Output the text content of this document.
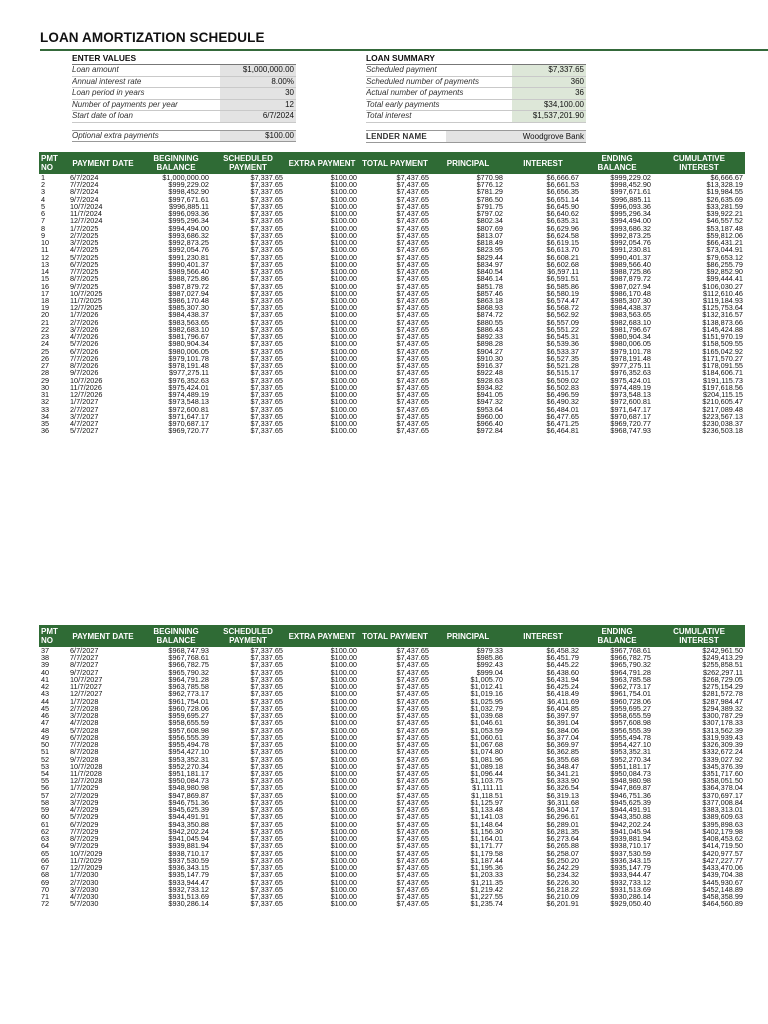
LOAN AMORTIZATION SCHEDULE
ENTER VALUES
Loan amount	$1,000,000.00
Annual interest rate	8.00%
Loan period in years	30
Number of payments per year	12
Start date of loan	6/7/2024
Optional extra payments	$100.00
LOAN SUMMARY
Scheduled payment	$7,337.65
Scheduled number of payments	360
Actual number of payments	36
Total early payments	$34,100.00
Total interest	$1,537,201.90
LENDER NAME	Woodgrove Bank
PMT NO	PAYMENT DATE	BEGINNING BALANCE	SCHEDULED PAYMENT	EXTRA PAYMENT	TOTAL PAYMENT	PRINCIPAL	INTEREST	ENDING BALANCE	CUMULATIVE INTEREST
1	6/7/2024	$1,000,000.00	$7,337.65	$100.00	$7,437.65	$770.98	$6,666.67	$999,229.02	$6,666.67
2	7/7/2024	$999,229.02	$7,337.65	$100.00	$7,437.65	$776.12	$6,661.53	$998,452.90	$13,328.19
3	8/7/2024	$998,452.90	$7,337.65	$100.00	$7,437.65	$781.29	$6,656.35	$997,671.61	$19,984.55
4	9/7/2024	$997,671.61	$7,337.65	$100.00	$7,437.65	$786.50	$6,651.14	$996,885.11	$26,635.69
5	10/7/2024	$996,885.11	$7,337.65	$100.00	$7,437.65	$791.75	$6,645.90	$996,093.36	$33,281.59
6	11/7/2024	$996,093.36	$7,337.65	$100.00	$7,437.65	$797.02	$6,640.62	$995,296.34	$39,922.21
7	12/7/2024	$995,296.34	$7,337.65	$100.00	$7,437.65	$802.34	$6,635.31	$994,494.00	$46,557.52
8	1/7/2025	$994,494.00	$7,337.65	$100.00	$7,437.65	$807.69	$6,629.96	$993,686.32	$53,187.48
9	2/7/2025	$993,686.32	$7,337.65	$100.00	$7,437.65	$813.07	$6,624.58	$992,873.25	$59,812.06
10	3/7/2025	$992,873.25	$7,337.65	$100.00	$7,437.65	$818.49	$6,619.15	$992,054.76	$66,431.21
11	4/7/2025	$992,054.76	$7,337.65	$100.00	$7,437.65	$823.95	$6,613.70	$991,230.81	$73,044.91
12	5/7/2025	$991,230.81	$7,337.65	$100.00	$7,437.65	$829.44	$6,608.21	$990,401.37	$79,653.12
13	6/7/2025	$990,401.37	$7,337.65	$100.00	$7,437.65	$834.97	$6,602.68	$989,566.40	$86,255.79
14	7/7/2025	$989,566.40	$7,337.65	$100.00	$7,437.65	$840.54	$6,597.11	$988,725.86	$92,852.90
15	8/7/2025	$988,725.86	$7,337.65	$100.00	$7,437.65	$846.14	$6,591.51	$987,879.72	$99,444.41
16	9/7/2025	$987,879.72	$7,337.65	$100.00	$7,437.65	$851.78	$6,585.86	$987,027.94	$106,030.27
17	10/7/2025	$987,027.94	$7,337.65	$100.00	$7,437.65	$857.46	$6,580.19	$986,170.48	$112,610.46
18	11/7/2025	$986,170.48	$7,337.65	$100.00	$7,437.65	$863.18	$6,574.47	$985,307.30	$119,184.93
19	12/7/2025	$985,307.30	$7,337.65	$100.00	$7,437.65	$868.93	$6,568.72	$984,438.37	$125,753.64
20	1/7/2026	$984,438.37	$7,337.65	$100.00	$7,437.65	$874.72	$6,562.92	$983,563.65	$132,316.57
21	2/7/2026	$983,563.65	$7,337.65	$100.00	$7,437.65	$880.55	$6,557.09	$982,683.10	$138,873.66
22	3/7/2026	$982,683.10	$7,337.65	$100.00	$7,437.65	$886.43	$6,551.22	$981,796.67	$145,424.88
23	4/7/2026	$981,796.67	$7,337.65	$100.00	$7,437.65	$892.33	$6,545.31	$980,904.34	$151,970.19
24	5/7/2026	$980,904.34	$7,337.65	$100.00	$7,437.65	$898.28	$6,539.36	$980,006.05	$158,509.55
25	6/7/2026	$980,006.05	$7,337.65	$100.00	$7,437.65	$904.27	$6,533.37	$979,101.78	$165,042.92
26	7/7/2026	$979,101.78	$7,337.65	$100.00	$7,437.65	$910.30	$6,527.35	$978,191.48	$171,570.27
27	8/7/2026	$978,191.48	$7,337.65	$100.00	$7,437.65	$916.37	$6,521.28	$977,275.11	$178,091.55
28	9/7/2026	$977,275.11	$7,337.65	$100.00	$7,437.65	$922.48	$6,515.17	$976,352.63	$184,606.71
29	10/7/2026	$976,352.63	$7,337.65	$100.00	$7,437.65	$928.63	$6,509.02	$975,424.01	$191,115.73
30	11/7/2026	$975,424.01	$7,337.65	$100.00	$7,437.65	$934.82	$6,502.83	$974,489.19	$197,618.56
31	12/7/2026	$974,489.19	$7,337.65	$100.00	$7,437.65	$941.05	$6,496.59	$973,548.13	$204,115.15
32	1/7/2027	$973,548.13	$7,337.65	$100.00	$7,437.65	$947.32	$6,490.32	$972,600.81	$210,605.47
33	2/7/2027	$972,600.81	$7,337.65	$100.00	$7,437.65	$953.64	$6,484.01	$971,647.17	$217,089.48
34	3/7/2027	$971,647.17	$7,337.65	$100.00	$7,437.65	$960.00	$6,477.65	$970,687.17	$223,567.13
35	4/7/2027	$970,687.17	$7,337.65	$100.00	$7,437.65	$966.40	$6,471.25	$969,720.77	$230,038.37
36	5/7/2027	$969,720.77	$7,337.65	$100.00	$7,437.65	$972.84	$6,464.81	$968,747.93	$236,503.18
PMT NO	PAYMENT DATE	BEGINNING BALANCE	SCHEDULED PAYMENT	EXTRA PAYMENT	TOTAL PAYMENT	PRINCIPAL	INTEREST	ENDING BALANCE	CUMULATIVE INTEREST
37	6/7/2027	$968,747.93	$7,337.65	$100.00	$7,437.65	$979.33	$6,458.32	$967,768.61	$242,961.50
38	7/7/2027	$967,768.61	$7,337.65	$100.00	$7,437.65	$985.86	$6,451.79	$966,782.75	$249,413.29
39	8/7/2027	$966,782.75	$7,337.65	$100.00	$7,437.65	$992.43	$6,445.22	$965,790.32	$255,858.51
40	9/7/2027	$965,790.32	$7,337.65	$100.00	$7,437.65	$999.04	$6,438.60	$964,791.28	$262,297.11
41	10/7/2027	$964,791.28	$7,337.65	$100.00	$7,437.65	$1,005.70	$6,431.94	$963,785.58	$268,729.05
42	11/7/2027	$963,785.58	$7,337.65	$100.00	$7,437.65	$1,012.41	$6,425.24	$962,773.17	$275,154.29
43	12/7/2027	$962,773.17	$7,337.65	$100.00	$7,437.65	$1,019.16	$6,418.49	$961,754.01	$281,572.78
44	1/7/2028	$961,754.01	$7,337.65	$100.00	$7,437.65	$1,025.95	$6,411.69	$960,728.06	$287,984.47
45	2/7/2028	$960,728.06	$7,337.65	$100.00	$7,437.65	$1,032.79	$6,404.85	$959,695.27	$294,389.32
46	3/7/2028	$959,695.27	$7,337.65	$100.00	$7,437.65	$1,039.68	$6,397.97	$958,655.59	$300,787.29
47	4/7/2028	$958,655.59	$7,337.65	$100.00	$7,437.65	$1,046.61	$6,391.04	$957,608.98	$307,178.33
48	5/7/2028	$957,608.98	$7,337.65	$100.00	$7,437.65	$1,053.59	$6,384.06	$956,555.39	$313,562.39
49	6/7/2028	$956,555.39	$7,337.65	$100.00	$7,437.65	$1,060.61	$6,377.04	$955,494.78	$319,939.43
50	7/7/2028	$955,494.78	$7,337.65	$100.00	$7,437.65	$1,067.68	$6,369.97	$954,427.10	$326,309.39
51	8/7/2028	$954,427.10	$7,337.65	$100.00	$7,437.65	$1,074.80	$6,362.85	$953,352.31	$332,672.24
52	9/7/2028	$953,352.31	$7,337.65	$100.00	$7,437.65	$1,081.96	$6,355.68	$952,270.34	$339,027.92
53	10/7/2028	$952,270.34	$7,337.65	$100.00	$7,437.65	$1,089.18	$6,348.47	$951,181.17	$345,376.39
54	11/7/2028	$951,181.17	$7,337.65	$100.00	$7,437.65	$1,096.44	$6,341.21	$950,084.73	$351,717.60
55	12/7/2028	$950,084.73	$7,337.65	$100.00	$7,437.65	$1,103.75	$6,333.90	$948,980.98	$358,051.50
56	1/7/2029	$948,980.98	$7,337.65	$100.00	$7,437.65	$1,111.11	$6,326.54	$947,869.87	$364,378.04
57	2/7/2029	$947,869.87	$7,337.65	$100.00	$7,437.65	$1,118.51	$6,319.13	$946,751.36	$370,697.17
58	3/7/2029	$946,751.36	$7,337.65	$100.00	$7,437.65	$1,125.97	$6,311.68	$945,625.39	$377,008.84
59	4/7/2029	$945,625.39	$7,337.65	$100.00	$7,437.65	$1,133.48	$6,304.17	$944,491.91	$383,313.01
60	5/7/2029	$944,491.91	$7,337.65	$100.00	$7,437.65	$1,141.03	$6,296.61	$943,350.88	$389,609.63
61	6/7/2029	$943,350.88	$7,337.65	$100.00	$7,437.65	$1,148.64	$6,289.01	$942,202.24	$395,898.63
62	7/7/2029	$942,202.24	$7,337.65	$100.00	$7,437.65	$1,156.30	$6,281.35	$941,045.94	$402,179.98
63	8/7/2029	$941,045.94	$7,337.65	$100.00	$7,437.65	$1,164.01	$6,273.64	$939,881.94	$408,453.62
64	9/7/2029	$939,881.94	$7,337.65	$100.00	$7,437.65	$1,171.77	$6,265.88	$938,710.17	$414,719.50
65	10/7/2029	$938,710.17	$7,337.65	$100.00	$7,437.65	$1,179.58	$6,258.07	$937,530.59	$420,977.57
66	11/7/2029	$937,530.59	$7,337.65	$100.00	$7,437.65	$1,187.44	$6,250.20	$936,343.15	$427,227.77
67	12/7/2029	$936,343.15	$7,337.65	$100.00	$7,437.65	$1,195.36	$6,242.29	$935,147.79	$433,470.06
68	1/7/2030	$935,147.79	$7,337.65	$100.00	$7,437.65	$1,203.33	$6,234.32	$933,944.47	$439,704.38
69	2/7/2030	$933,944.47	$7,337.65	$100.00	$7,437.65	$1,211.35	$6,226.30	$932,733.12	$445,930.67
70	3/7/2030	$932,733.12	$7,337.65	$100.00	$7,437.65	$1,219.42	$6,218.22	$931,513.69	$452,148.89
71	4/7/2030	$931,513.69	$7,337.65	$100.00	$7,437.65	$1,227.55	$6,210.09	$930,286.14	$458,358.99
72	5/7/2030	$930,286.14	$7,337.65	$100.00	$7,437.65	$1,235.74	$6,201.91	$929,050.40	$464,560.89
